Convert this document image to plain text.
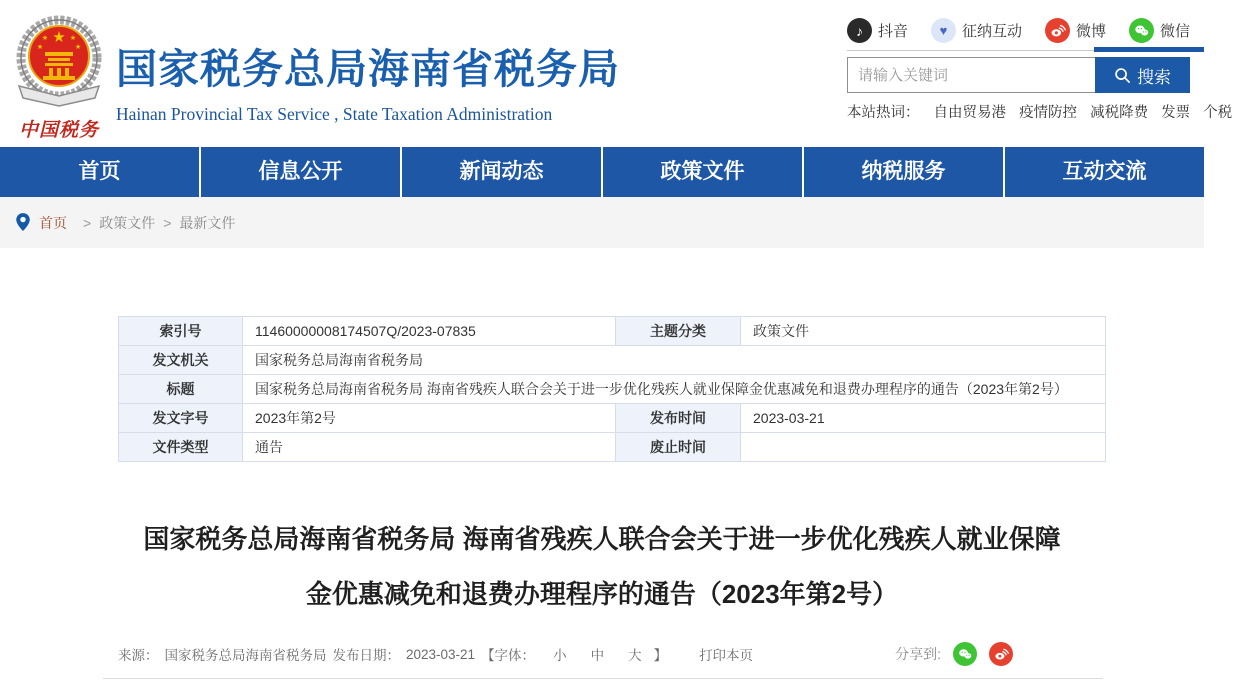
★
★	★
★	★
中国税务
国家税务总局海南省税务局
Hainan Provincial Tax Service , State Taxation Administration
♪	抖音	♥ 征纳互动	微博	微信
请输入关键词
搜索
本站热词： 自由贸易港 疫情防控 减税降费 发票 个税
首页	信息公开	新闻动态	政策文件	纳税服务	互动交流
首页 > 政策文件 > 最新文件
索引号	11460000008174507Q/2023-07835	主题分类	政策文件
发文机关	国家税务总局海南省税务局		
标题	国家税务总局海南省税务局 海南省残疾人联合会关于进一步优化残疾人就业保障金优惠减免和退费办理程序的通告（2023年第2号）		
发文字号	2023年第2号	发布时间	2023-03-21
文件类型	通告	废止时间	
国家税务总局海南省税务局 海南省残疾人联合会关于进一步优化残疾人就业保障
金优惠减免和退费办理程序的通告（2023年第2号）
来源： 国家税务总局海南省税务局 发布日期： 2023-03-21 【字体： 小 中 大 】 打印本页	分享到:
